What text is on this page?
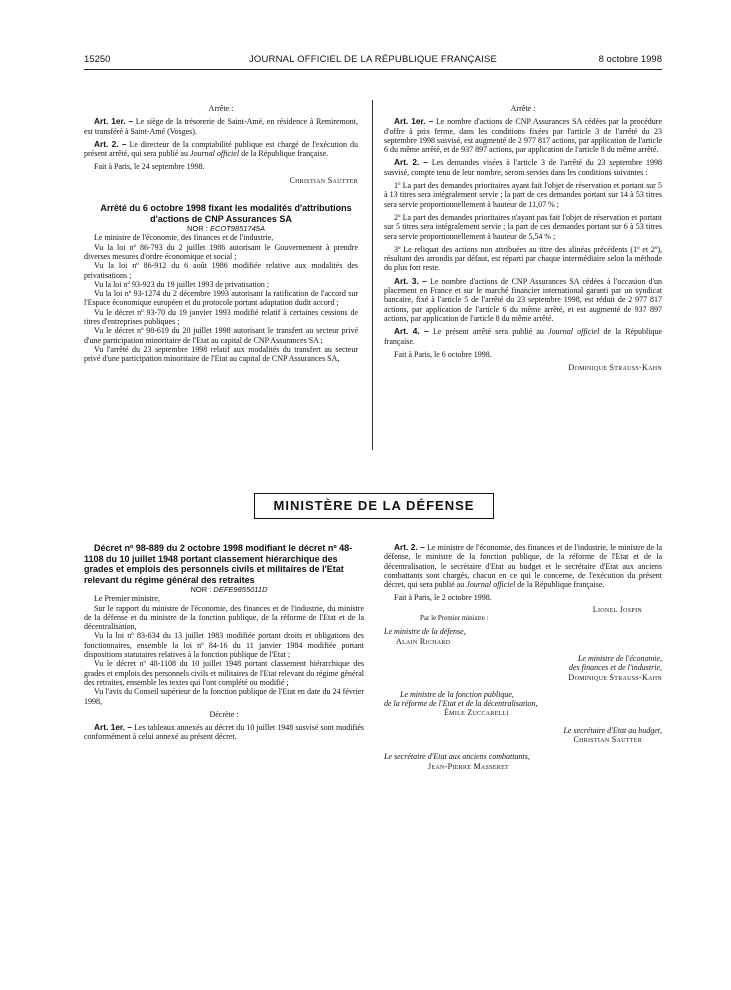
15250	JOURNAL OFFICIEL DE LA RÉPUBLIQUE FRANÇAISE	8 octobre 1998

Arrête :

Art. 1er. – Le siège de la trésorerie de Saint-Amé, en résidence à Remiremont, est transféré à Saint-Amé (Vosges).

Art. 2. – Le directeur de la comptabilité publique est chargé de l'exécution du présent arrêté, qui sera publié au Journal officiel de la République française.

Fait à Paris, le 24 septembre 1998.

Christian Sautter

Arrêté du 6 octobre 1998 fixant les modalités d'attributions d'actions de CNP Assurances SA

NOR : ECOT9851745A

Le ministre de l'économie, des finances et de l'industrie,

Vu la loi nº 86-793 du 2 juillet 1986 autorisant le Gouvernement à prendre diverses mesures d'ordre économique et social ;

Vu la loi nº 86-912 du 6 août 1986 modifiée relative aux modalités des privatisations ;

Vu la loi nº 93-923 du 19 juillet 1993 de privatisation ;

Vu la loi nº 93-1274 du 2 décembre 1993 autorisant la ratification de l'accord sur l'Espace économique européen et du protocole portant adaptation dudit accord ;

Vu le décret nº 93-70 du 19 janvier 1993 modifié relatif à certaines cessions de titres d'entreprises publiques ;

Vu le décret nº 98-619 du 20 juillet 1998 autorisant le transfert au secteur privé d'une participation minoritaire de l'Etat au capital de CNP Assurances SA ;

Vu l'arrêté du 23 septembre 1998 relatif aux modalités du transfert au secteur privé d'une participation minoritaire de l'Etat au capital de CNP Assurances SA,

Arrête :

Art. 1er. – Le nombre d'actions de CNP Assurances SA cédées par la procédure d'offre à prix ferme, dans les conditions fixées par l'article 3 de l'arrêté du 23 septembre 1998 susvisé, est augmenté de 2 977 817 actions, par application de l'article 6 du même arrêté, et de 937 897 actions, par application de l'article 8 du même arrêté.

Art. 2. – Les demandes visées à l'article 3 de l'arrêté du 23 septembre 1998 susvisé, compte tenu de leur nombre, seront servies dans les conditions suivantes :

1º La part des demandes prioritaires ayant fait l'objet de réservation et portant sur 5 à 13 titres sera intégralement servie ; la part de ces demandes portant sur 14 à 53 titres sera servie proportionnellement à hauteur de 11,07 % ;

2º La part des demandes prioritaires n'ayant pas fait l'objet de réservation et portant sur 5 titres sera intégralement servie ; la part de ces demandes portant sur 6 à 53 titres sera servie proportionnellement à hauteur de 5,54 % ;

3º Le reliquat des actions non attribuées au titre des alinéas précédents (1º et 2º), résultant des arrondis par défaut, est réparti par chaque intermédiaire selon la méthode du plus fort reste.

Art. 3. – Le nombre d'actions de CNP Assurances SA cédées à l'occasion d'un placement en France et sur le marché financier international garanti par un syndicat bancaire, fixé à l'article 5 de l'arrêté du 23 septembre 1998, est réduit de 2 977 817 actions, par application de l'article 6 du même arrêté, et est augmenté de 937 897 actions, par application de l'article 8 du même arrêté.

Art. 4. – Le présent arrêté sera publié au Journal officiel de la République française.

Fait à Paris, le 6 octobre 1998.

Dominique Strauss-Kahn

MINISTÈRE DE LA DÉFENSE

Décret nº 98-889 du 2 octobre 1998 modifiant le décret nº 48-1108 du 10 juillet 1948 portant classement hiérarchique des grades et emplois des personnels civils et militaires de l'Etat relevant du régime général des retraites

NOR : DEFE9855011D

Le Premier ministre,

Sur le rapport du ministre de l'économie, des finances et de l'industrie, du ministre de la défense et du ministre de la fonction publique, de la réforme de l'Etat et de la décentralisation,

Vu la loi nº 83-634 du 13 juillet 1983 modifiée portant droits et obligations des fonctionnaires, ensemble la loi nº 84-16 du 11 janvier 1984 modifiée portant dispositions statutaires relatives à la fonction publique de l'Etat ;

Vu le décret nº 48-1108 du 10 juillet 1948 portant classement hiérarchique des grades et emplois des personnels civils et militaires de l'Etat relevant du régime général des retraites, ensemble les textes qui l'ont complété ou modifié ;

Vu l'avis du Conseil supérieur de la fonction publique de l'Etat en date du 24 février 1998,

Décrète :

Art. 1er. – Les tableaux annexés au décret du 10 juillet 1948 susvisé sont modifiés conformément à celui annexé au présent décret.

Art. 2. – Le ministre de l'économie, des finances et de l'industrie, le ministre de la défense, le ministre de la fonction publique, de la réforme de l'Etat et de la décentralisation, le secrétaire d'Etat au budget et le secrétaire d'Etat aux anciens combattants sont chargés, chacun en ce qui le concerne, de l'exécution du présent décret, qui sera publié au Journal officiel de la République française.

Fait à Paris, le 2 octobre 1998.

Lionel Jospin
Par le Premier ministre :
Le ministre de la défense,
Alain Richard
Le ministre de l'économie,
des finances et de l'industrie,
Dominique Strauss-Kahn
Le ministre de la fonction publique,
de la réforme de l'Etat et de la décentralisation,
Émile Zuccarelli
Le secrétaire d'Etat au budget,
Christian Sautter
Le secrétaire d'Etat aux anciens combattants,
Jean-Pierre Masseret
